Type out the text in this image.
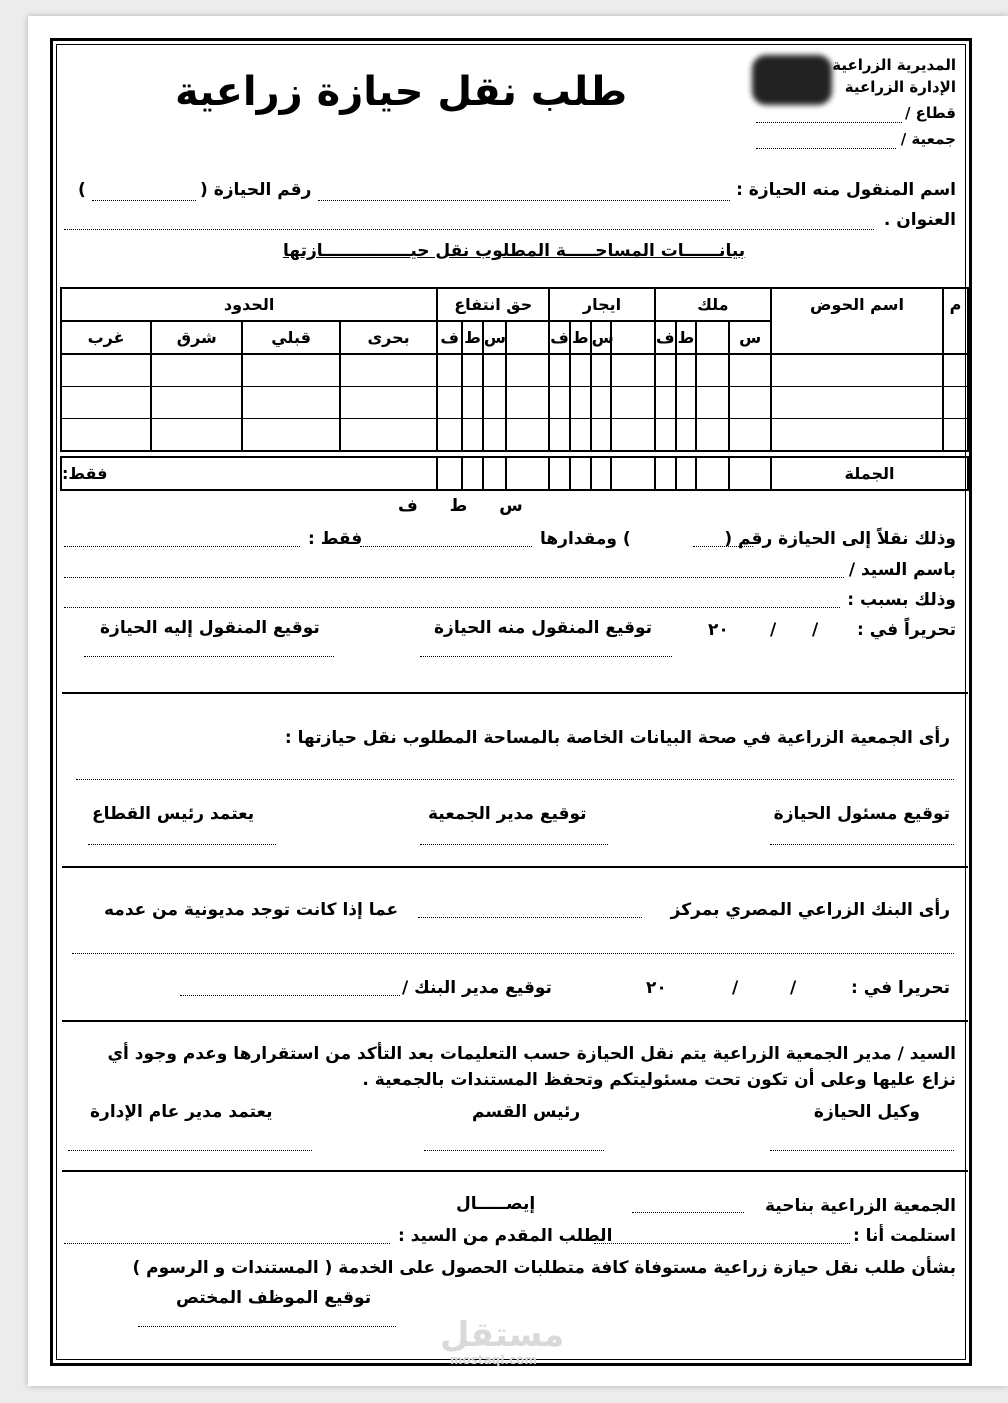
طلب نقل حيازة زراعية
المديرية الزراعية
الإدارة الزراعية
قطاع /
جمعية /
اسم المنقول منه الحيازة :
رقم الحيازة (
)
العنوان .
بيانــــــات المساحـــــة المطلوب نقل حيـــــــــــــــازتها
الحدود				حق انتفاع				ايجار				ملك				اسم الحوض	م
غرب	شرق	قبلي	بحرى	ف	ط	س		ف	ط	س		ف	ط		س		

فقط:																الجملة	
س ط ف
وذلك نقلاً إلى الحيازة رقم (
) ومقدارها
فقط :
باسم السيد /
وذلك بسبب :
تحريراً في :
/
/
٢٠
توقيع المنقول منه الحيازة
توقيع المنقول إليه الحيازة
رأى الجمعية الزراعية في صحة البيانات الخاصة بالمساحة المطلوب نقل حيازتها :
توقيع مسئول الحيازة
توقيع مدير الجمعية
يعتمد رئيس القطاع
رأى البنك الزراعي المصري بمركز
عما إذا كانت توجد مديونية من عدمه
تحريرا في :
/
/
٢٠
توقيع مدير البنك /
السيد / مدير الجمعية الزراعية يتم نقل الحيازة حسب التعليمات بعد التأكد من استقرارها وعدم وجود أي
نزاع عليها وعلى أن تكون تحت مسئوليتكم وتحفظ المستندات بالجمعية .
وكيل الحيازة
رئيس القسم
يعتمد مدير عام الإدارة
الجمعية الزراعية بناحية
إيصـــــال
استلمت أنا :
الطلب المقدم من السيد :
بشأن طلب نقل حيازة زراعية مستوفاة كافة متطلبات الحصول على الخدمة ( المستندات و الرسوم )
توقيع الموظف المختص
مستقل
mostaql.com
